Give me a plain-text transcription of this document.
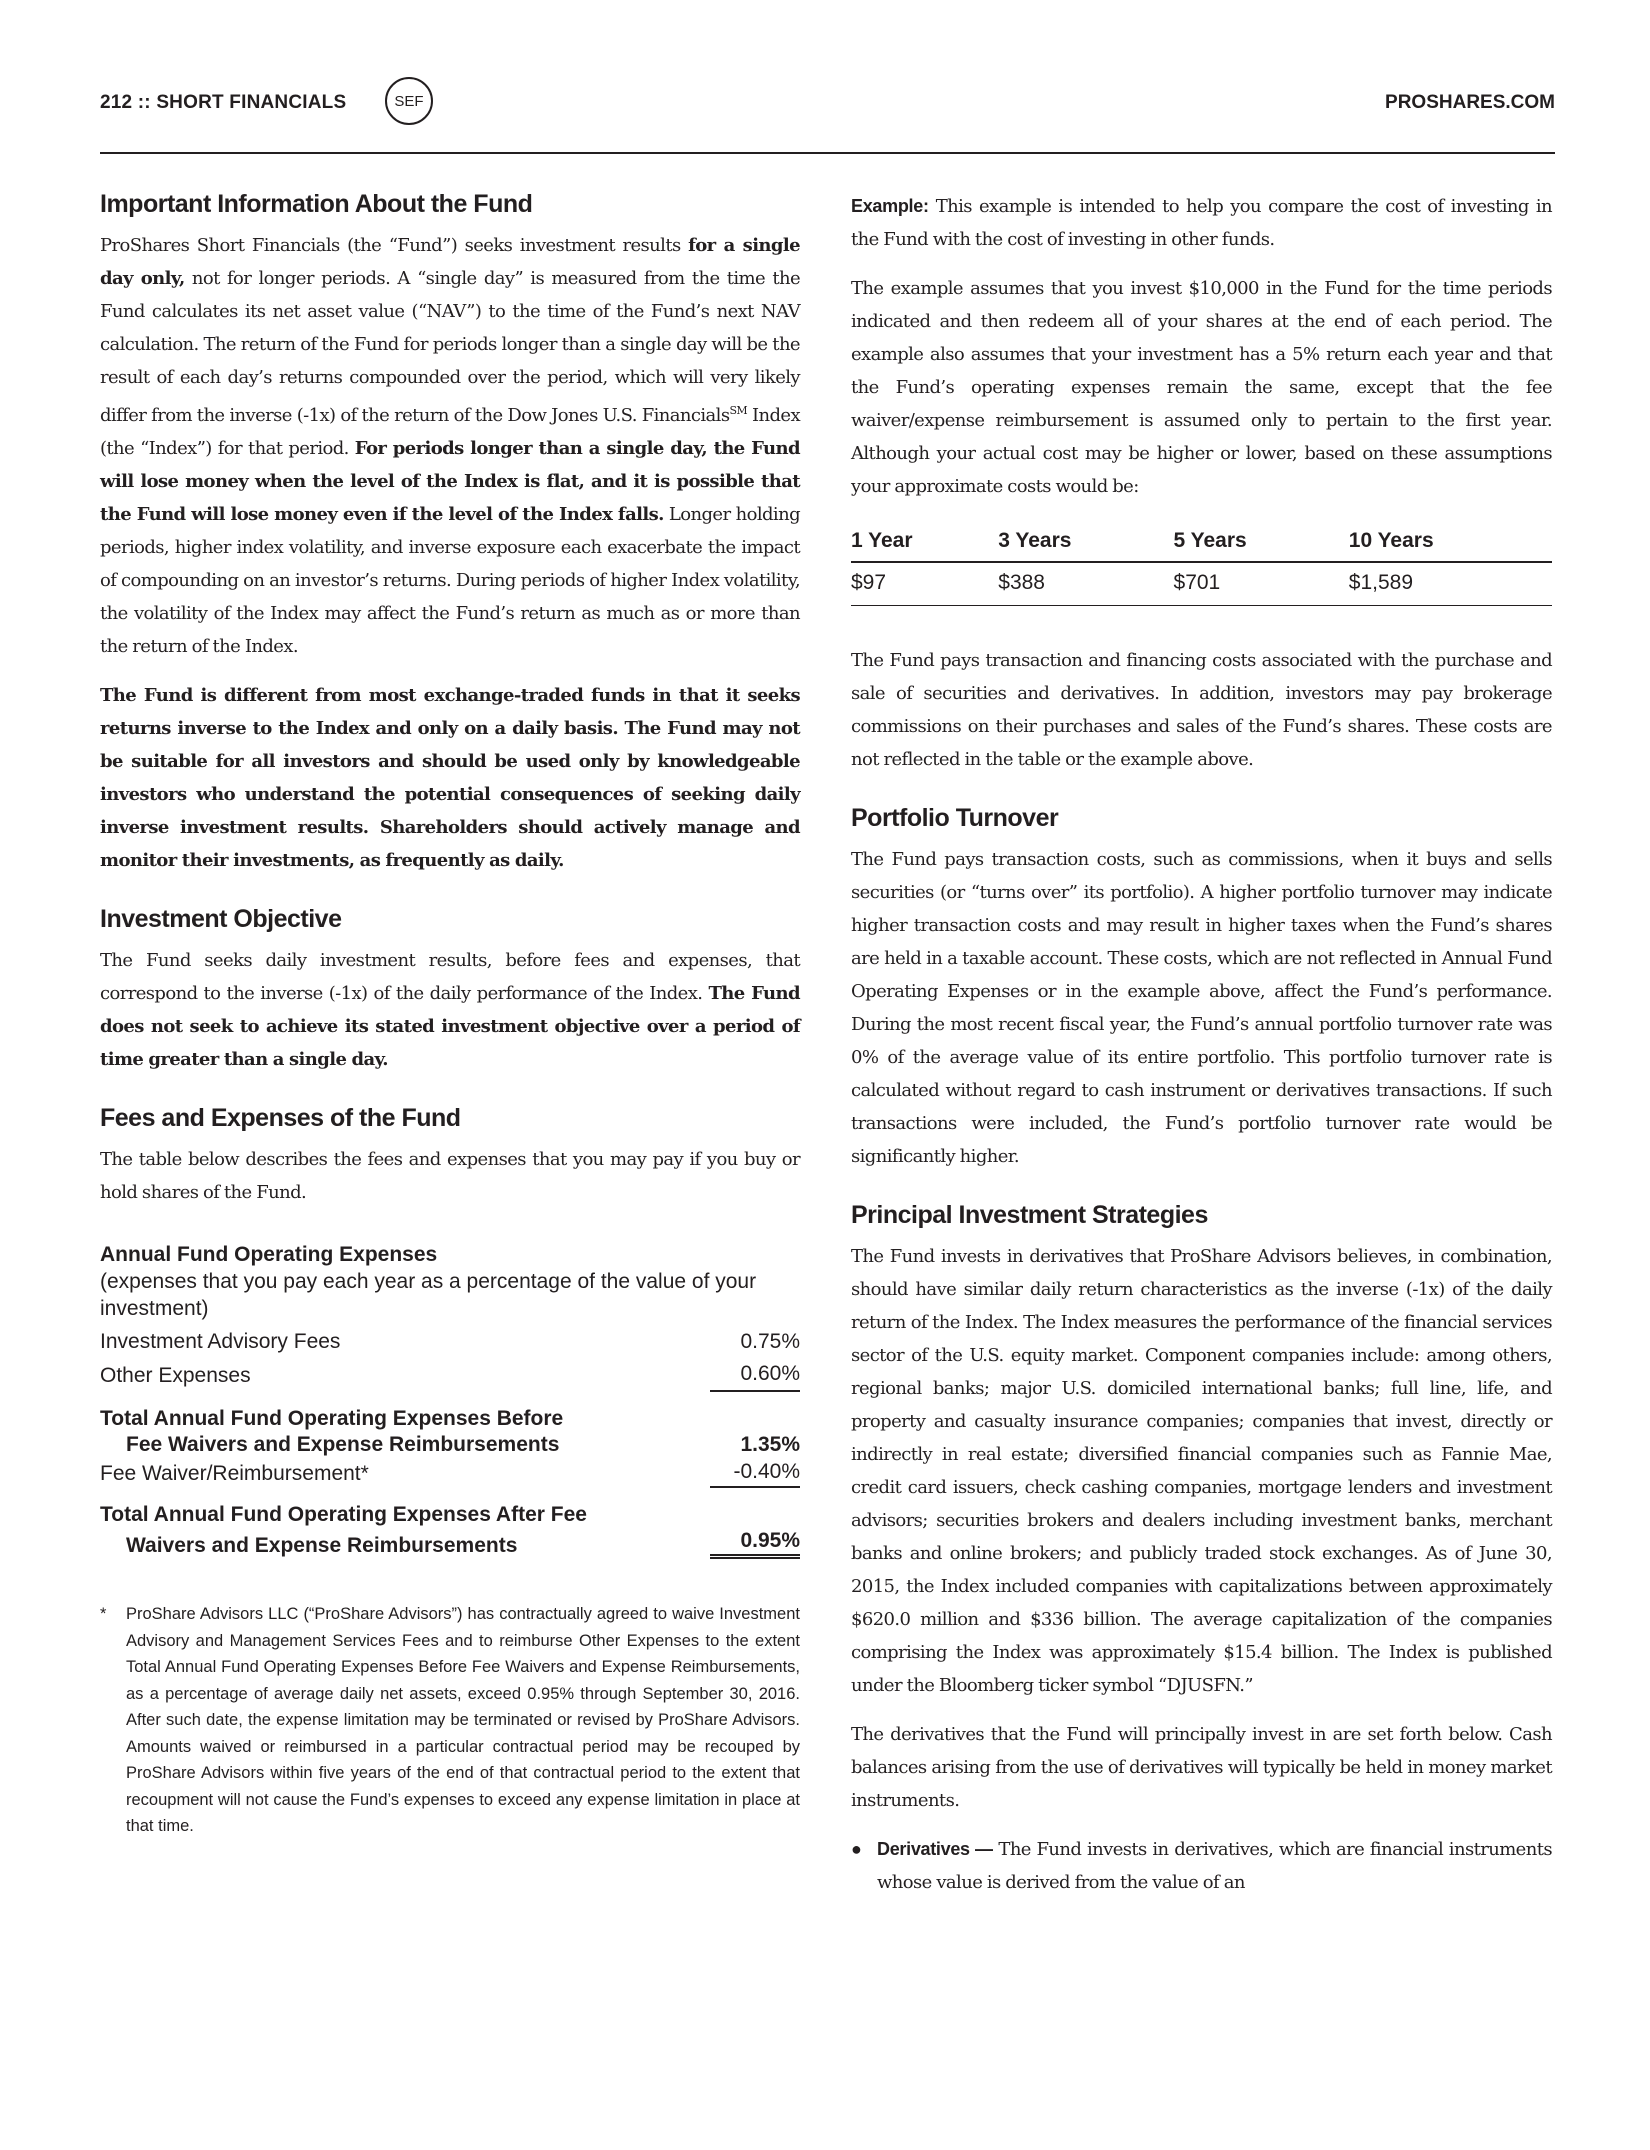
212 :: SHORT FINANCIALS	SEF	PROSHARES.COM
Important Information About the Fund

ProShares Short Financials (the “Fund”) seeks investment results for a single day only, not for longer periods. A “single day” is measured from the time the Fund calculates its net asset value (“NAV”) to the time of the Fund’s next NAV calculation. The return of the Fund for periods longer than a single day will be the result of each day’s returns compounded over the period, which will very likely differ from the inverse (-1x) of the return of the Dow Jones U.S. Financials℠ Index (the “Index”) for that period. For periods longer than a single day, the Fund will lose money when the level of the Index is flat, and it is possible that the Fund will lose money even if the level of the Index falls. Longer holding periods, higher index volatility, and inverse exposure each exacerbate the impact of compounding on an investor’s returns. During periods of higher Index volatility, the volatility of the Index may affect the Fund’s return as much as or more than the return of the Index.

The Fund is different from most exchange-traded funds in that it seeks returns inverse to the Index and only on a daily basis. The Fund may not be suitable for all investors and should be used only by knowledgeable investors who understand the potential consequences of seeking daily inverse investment results. Shareholders should actively manage and monitor their investments, as frequently as daily.

Investment Objective

The Fund seeks daily investment results, before fees and expenses, that correspond to the inverse (-1x) of the daily performance of the Index. The Fund does not seek to achieve its stated investment objective over a period of time greater than a single day.

Fees and Expenses of the Fund

The table below describes the fees and expenses that you may pay if you buy or hold shares of the Fund.

Annual Fund Operating Expenses
(expenses that you pay each year as a percentage of the value of your investment)
Investment Advisory Fees	0.75%
Other Expenses	0.60%
Total Annual Fund Operating Expenses Before
Fee Waivers and Expense Reimbursements	1.35%
Fee Waiver/Reimbursement*	-0.40%
Total Annual Fund Operating Expenses After Fee
Waivers and Expense Reimbursements	0.95%
*	ProShare Advisors LLC (“ProShare Advisors”) has contractually agreed to waive Investment Advisory and Management Services Fees and to reimburse Other Expenses to the extent Total Annual Fund Operating Expenses Before Fee Waivers and Expense Reimbursements, as a percentage of average daily net assets, exceed 0.95% through September 30, 2016. After such date, the expense limitation may be terminated or revised by ProShare Advisors. Amounts waived or reimbursed in a particular contractual period may be recouped by ProShare Advisors within five years of the end of that contractual period to the extent that recoupment will not cause the Fund’s expenses to exceed any expense limitation in place at that time.

Example: This example is intended to help you compare the cost of investing in the Fund with the cost of investing in other funds.

The example assumes that you invest $10,000 in the Fund for the time periods indicated and then redeem all of your shares at the end of each period. The example also assumes that your investment has a 5% return each year and that the Fund’s operating expenses remain the same, except that the fee waiver/expense reimbursement is assumed only to pertain to the first year. Although your actual cost may be higher or lower, based on these assumptions your approximate costs would be:

1 Year	3 Years	5 Years	10 Years
$97	$388	$701	$1,589

The Fund pays transaction and financing costs associated with the purchase and sale of securities and derivatives. In addition, investors may pay brokerage commissions on their purchases and sales of the Fund’s shares. These costs are not reflected in the table or the example above.

Portfolio Turnover

The Fund pays transaction costs, such as commissions, when it buys and sells securities (or “turns over” its portfolio). A higher portfolio turnover may indicate higher transaction costs and may result in higher taxes when the Fund’s shares are held in a taxable account. These costs, which are not reflected in Annual Fund Operating Expenses or in the example above, affect the Fund’s performance. During the most recent fiscal year, the Fund’s annual portfolio turnover rate was 0% of the average value of its entire portfolio. This portfolio turnover rate is calculated without regard to cash instrument or derivatives transactions. If such transactions were included, the Fund’s portfolio turnover rate would be significantly higher.

Principal Investment Strategies

The Fund invests in derivatives that ProShare Advisors believes, in combination, should have similar daily return characteristics as the inverse (-1x) of the daily return of the Index. The Index measures the performance of the financial services sector of the U.S. equity market. Component companies include: among others, regional banks; major U.S. domiciled international banks; full line, life, and property and casualty insurance companies; companies that invest, directly or indirectly in real estate; diversified financial companies such as Fannie Mae, credit card issuers, check cashing companies, mortgage lenders and investment advisors; securities brokers and dealers including investment banks, merchant banks and online brokers; and publicly traded stock exchanges. As of June 30, 2015, the Index included companies with capitalizations between approximately $620.0 million and $336 billion. The average capitalization of the companies comprising the Index was approximately $15.4 billion. The Index is published under the Bloomberg ticker symbol “DJUSFN.”

The derivatives that the Fund will principally invest in are set forth below. Cash balances arising from the use of derivatives will typically be held in money market instruments.

● Derivatives — The Fund invests in derivatives, which are financial instruments whose value is derived from the value of an
